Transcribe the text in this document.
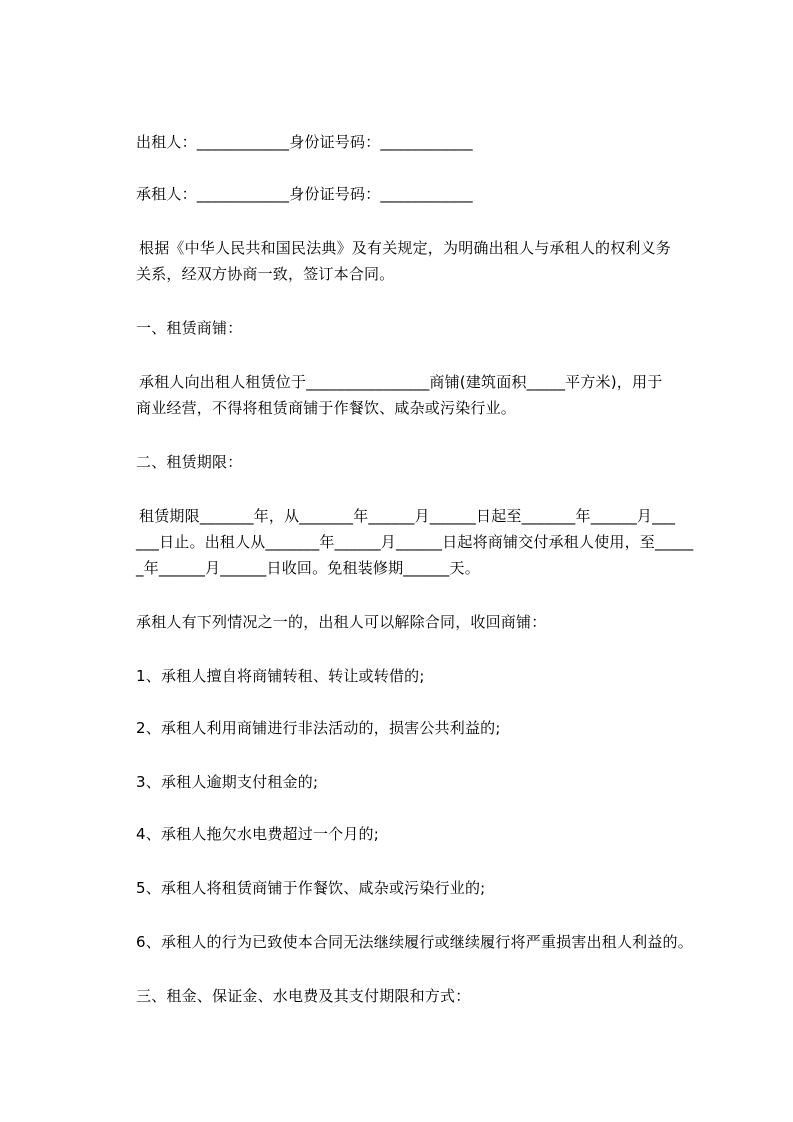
出租人：____________身份证号码：____________
承租人：____________身份证号码：____________
根据《中华人民共和国民法典》及有关规定，为明确出租人与承租人的权利义务
关系，经双方协商一致，签订本合同。
一、租赁商铺：
承租人向出租人租赁位于________________商铺(建筑面积_____平方米)，用于
商业经营，不得将租赁商铺于作餐饮、咸杂或污染行业。
二、租赁期限：
租赁期限_______年，从_______年______月______日起至_______年______月___
___日止。出租人从_______年______月______日起将商铺交付承租人使用，至_____
_年______月______日收回。免租装修期______天。
承租人有下列情况之一的，出租人可以解除合同，收回商铺：
1、承租人擅自将商铺转租、转让或转借的;
2、承租人利用商铺进行非法活动的，损害公共利益的;
3、承租人逾期支付租金的;
4、承租人拖欠水电费超过一个月的;
5、承租人将租赁商铺于作餐饮、咸杂或污染行业的;
6、承租人的行为已致使本合同无法继续履行或继续履行将严重损害出租人利益的。
三、租金、保证金、水电费及其支付期限和方式：
